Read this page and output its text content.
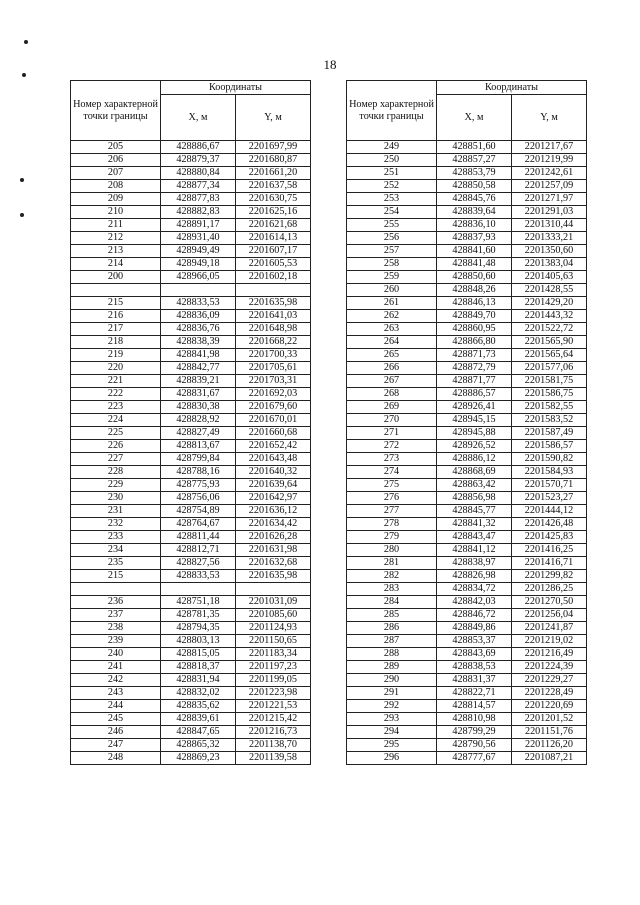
18
Номер характерной точки границы	Координаты	
	X, м	Y, м
205	428886,67	2201697,99
206	428879,37	2201680,87
207	428880,84	2201661,20
208	428877,34	2201637,58
209	428877,83	2201630,75
210	428882,83	2201625,16
211	428891,17	2201621,68
212	428931,40	2201614,13
213	428949,49	2201607,17
214	428949,18	2201605,53
200	428966,05	2201602,18

215	428833,53	2201635,98
216	428836,09	2201641,03
217	428836,76	2201648,98
218	428838,39	2201668,22
219	428841,98	2201700,33
220	428842,77	2201705,61
221	428839,21	2201703,31
222	428831,67	2201692,03
223	428830,38	2201679,60
224	428828,92	2201670,01
225	428827,49	2201660,68
226	428813,67	2201652,42
227	428799,84	2201643,48
228	428788,16	2201640,32
229	428775,93	2201639,64
230	428756,06	2201642,97
231	428754,89	2201636,12
232	428764,67	2201634,42
233	428811,44	2201626,28
234	428812,71	2201631,98
235	428827,56	2201632,68
215	428833,53	2201635,98

236	428751,18	2201031,09
237	428781,35	2201085,60
238	428794,35	2201124,93
239	428803,13	2201150,65
240	428815,05	2201183,34
241	428818,37	2201197,23
242	428831,94	2201199,05
243	428832,02	2201223,98
244	428835,62	2201221,53
245	428839,61	2201215,42
246	428847,65	2201216,73
247	428865,32	2201138,70
248	428869,23	2201139,58
Номер характерной точки границы	Координаты	
	X, м	Y, м
249	428851,60	2201217,67
250	428857,27	2201219,99
251	428853,79	2201242,61
252	428850,58	2201257,09
253	428845,76	2201271,97
254	428839,64	2201291,03
255	428836,10	2201310,44
256	428837,93	2201333,21
257	428841,60	2201350,60
258	428841,48	2201383,04
259	428850,60	2201405,63
260	428848,26	2201428,55
261	428846,13	2201429,20
262	428849,70	2201443,32
263	428860,95	2201522,72
264	428866,80	2201565,90
265	428871,73	2201565,64
266	428872,79	2201577,06
267	428871,77	2201581,75
268	428886,57	2201586,75
269	428926,41	2201582,55
270	428945,15	2201583,52
271	428945,88	2201587,49
272	428926,52	2201586,57
273	428886,12	2201590,82
274	428868,69	2201584,93
275	428863,42	2201570,71
276	428856,98	2201523,27
277	428845,77	2201444,12
278	428841,32	2201426,48
279	428843,47	2201425,83
280	428841,12	2201416,25
281	428838,97	2201416,71
282	428826,98	2201299,82
283	428834,72	2201286,25
284	428842,03	2201270,50
285	428846,72	2201256,04
286	428849,86	2201241,87
287	428853,37	2201219,02
288	428843,69	2201216,49
289	428838,53	2201224,39
290	428831,37	2201229,27
291	428822,71	2201228,49
292	428814,57	2201220,69
293	428810,98	2201201,52
294	428799,29	2201151,76
295	428790,56	2201126,20
296	428777,67	2201087,21
